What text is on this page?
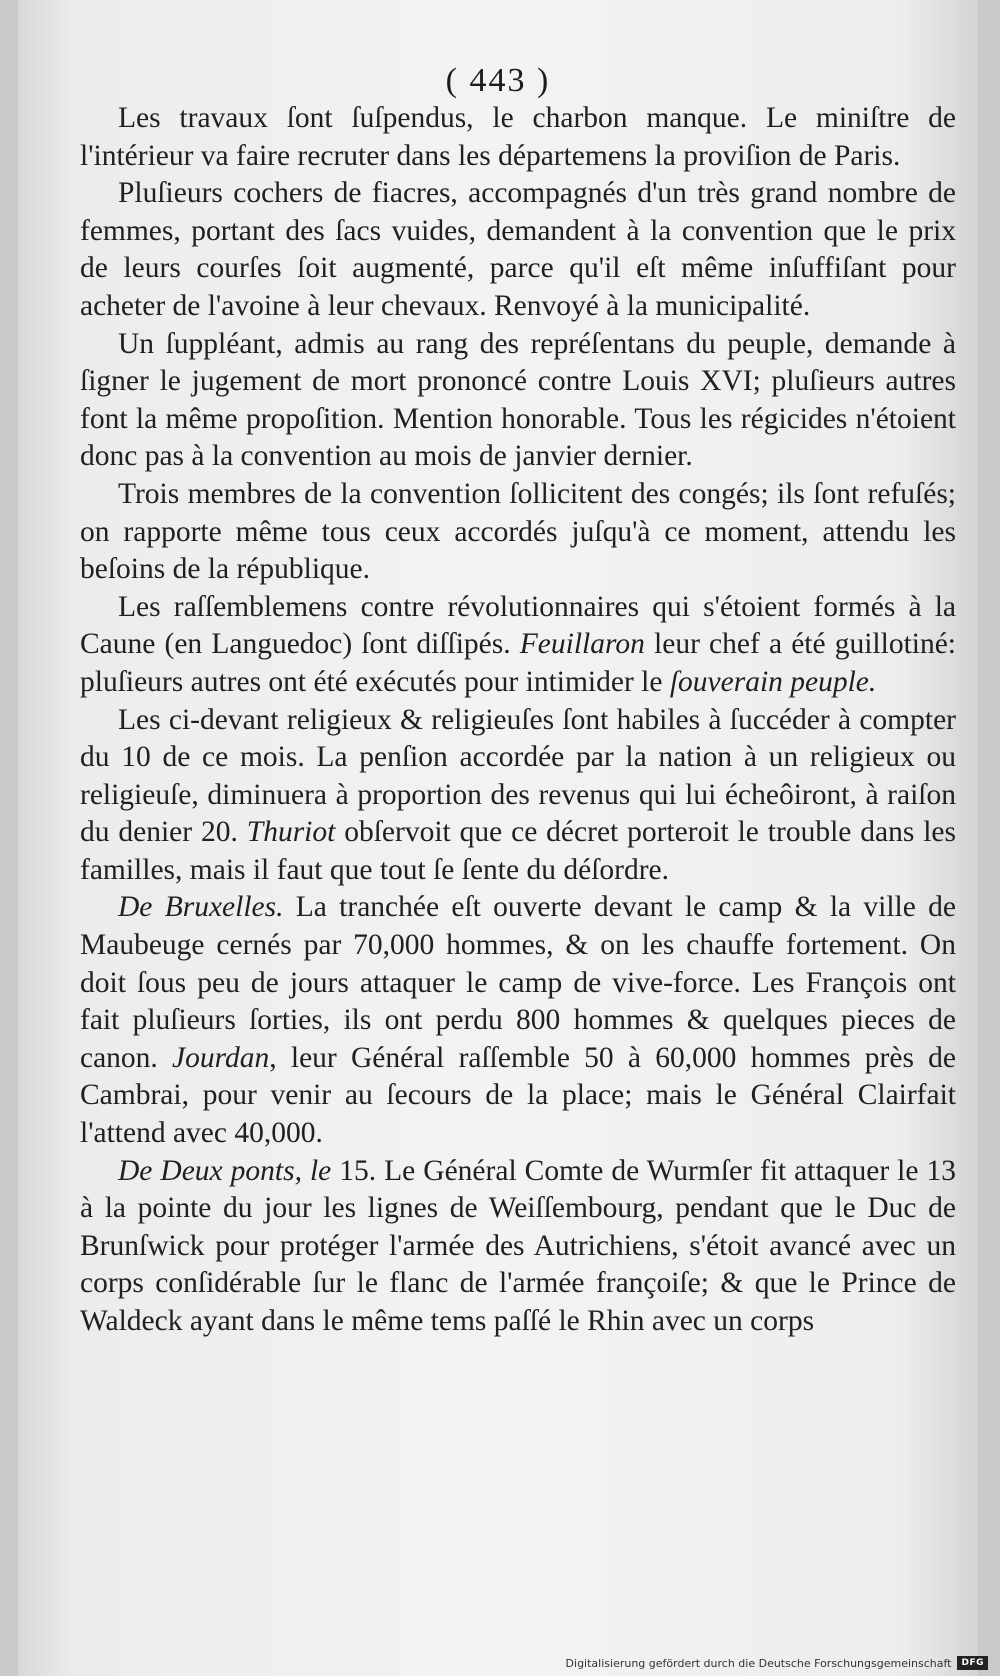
( 443 )

Les travaux ſont ſuſpendus, le charbon manque. Le miniſtre de l'intérieur va faire recruter dans les départemens la proviſion de Paris.

Pluſieurs cochers de fiacres, accompagnés d'un très grand nombre de femmes, portant des ſacs vuides, demandent à la convention que le prix de leurs courſes ſoit augmenté, parce qu'il eſt même inſuffiſant pour acheter de l'avoine à leur chevaux. Renvoyé à la municipalité.

Un ſuppléant, admis au rang des repréſentans du peuple, demande à ſigner le jugement de mort prononcé contre Louis XVI; pluſieurs autres font la même propoſition. Mention honorable. Tous les régicides n'étoient donc pas à la convention au mois de janvier dernier.

Trois membres de la convention ſollicitent des congés; ils ſont refuſés; on rapporte même tous ceux accordés juſqu'à ce moment, attendu les beſoins de la république.

Les raſſemblemens contre révolutionnaires qui s'étoient formés à la Caune (en Languedoc) ſont diſſipés. Feuillaron leur chef a été guillotiné: pluſieurs autres ont été exécutés pour intimider le ſouverain peuple.

Les ci-devant religieux & religieuſes ſont habiles à ſuccéder à compter du 10 de ce mois. La penſion accordée par la nation à un religieux ou religieuſe, diminuera à proportion des revenus qui lui écheôiront, à raiſon du denier 20. Thuriot obſervoit que ce décret porteroit le trouble dans les familles, mais il faut que tout ſe ſente du déſordre.

De Bruxelles. La tranchée eſt ouverte devant le camp & la ville de Maubeuge cernés par 70,000 hommes, & on les chauffe fortement. On doit ſous peu de jours attaquer le camp de vive-force. Les François ont fait pluſieurs ſorties, ils ont perdu 800 hommes & quelques pieces de canon. Jourdan, leur Général raſſemble 50 à 60,000 hommes près de Cambrai, pour venir au ſecours de la place; mais le Général Clairfait l'attend avec 40,000.

De Deux ponts, le 15. Le Général Comte de Wurmſer fit attaquer le 13 à la pointe du jour les lignes de Weiſſembourg, pendant que le Duc de Brunſwick pour protéger l'armée des Autrichiens, s'étoit avancé avec un corps conſidérable ſur le flanc de l'armée françoiſe; & que le Prince de Waldeck ayant dans le même tems paſſé le Rhin avec un corps

Digitalisierung gefördert durch die Deutsche Forschungsgemeinschaft	DFG
